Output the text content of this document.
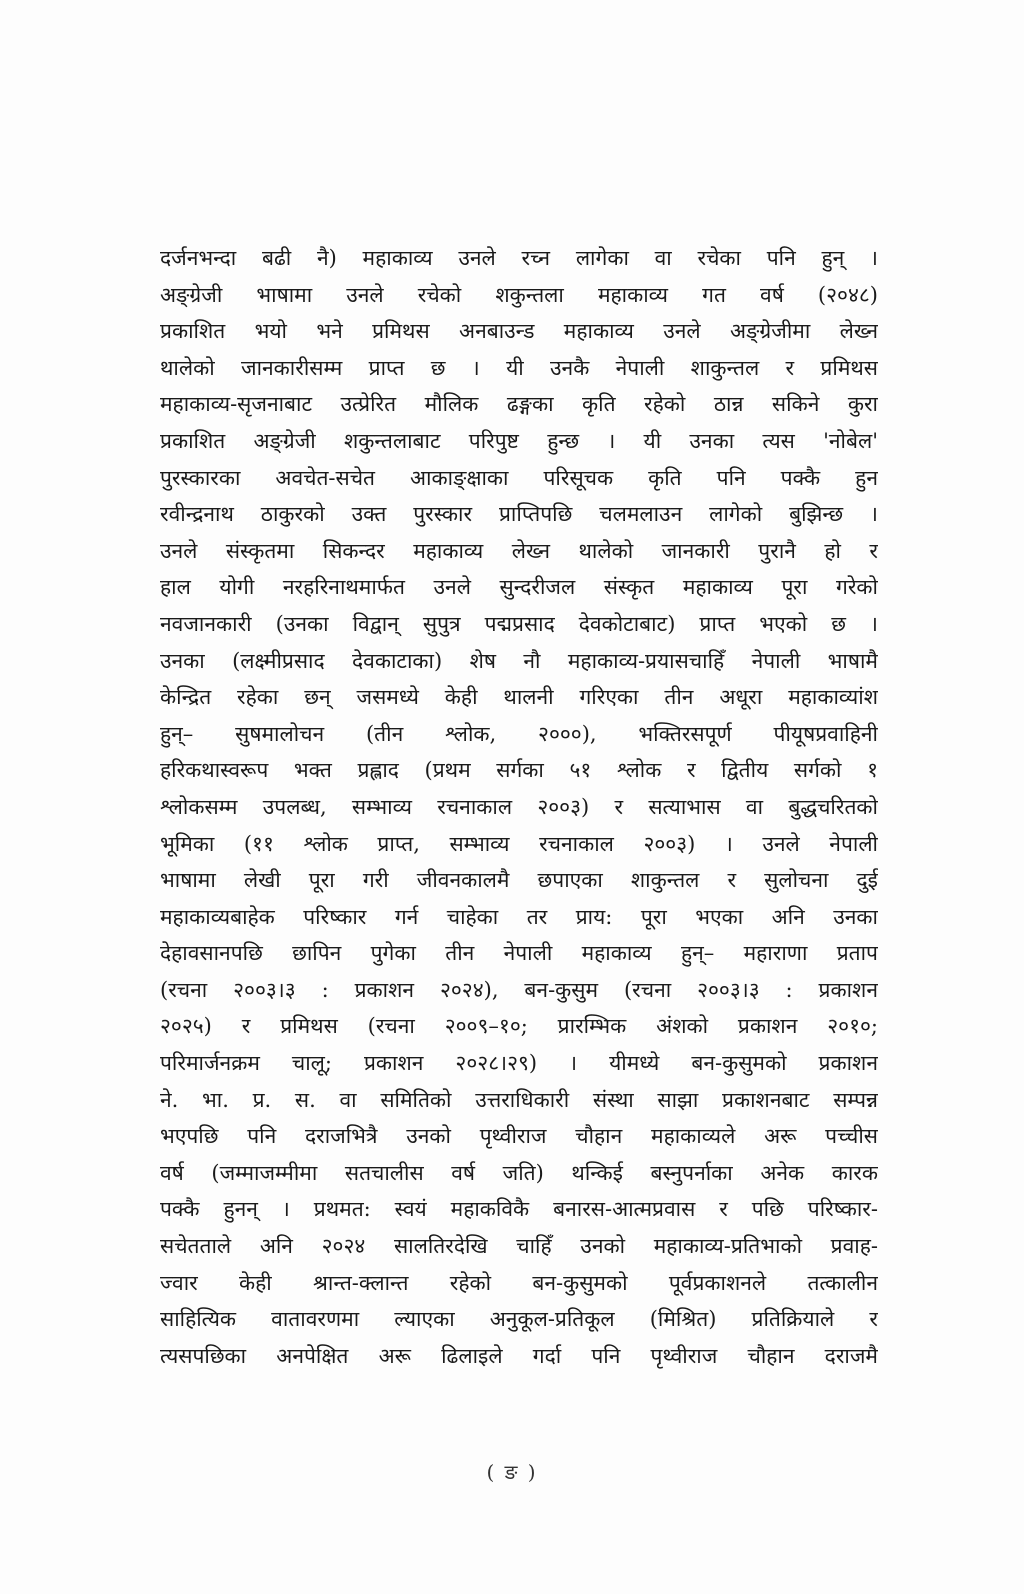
दर्जनभन्दा बढी नै) महाकाव्य उनले रच्न लागेका वा रचेका पनि हुन् ।
अङ्ग्रेजी भाषामा उनले रचेको शकुन्तला महाकाव्य गत वर्ष (२०४८)
प्रकाशित भयो भने प्रमिथस अनबाउन्ड महाकाव्य उनले अङ्ग्रेजीमा लेख्न
थालेको जानकारीसम्म प्राप्त छ । यी उनकै नेपाली शाकुन्तल र प्रमिथस
महाकाव्य-सृजनाबाट उत्प्रेरित मौलिक ढङ्गका कृति रहेको ठान्न सकिने कुरा
प्रकाशित अङ्ग्रेजी शकुन्तलाबाट परिपुष्ट हुन्छ । यी उनका त्यस 'नोबेल'
पुरस्कारका अवचेत-सचेत आकाङ्क्षाका परिसूचक कृति पनि पक्कै हुन
रवीन्द्रनाथ ठाकुरको उक्त पुरस्कार प्राप्तिपछि चलमलाउन लागेको बुझिन्छ ।
उनले संस्कृतमा सिकन्दर महाकाव्य लेख्न थालेको जानकारी पुरानै हो र
हाल योगी नरहरिनाथमार्फत उनले सुन्दरीजल संस्कृत महाकाव्य पूरा गरेको
नवजानकारी (उनका विद्वान् सुपुत्र पद्मप्रसाद देवकोटाबाट) प्राप्त भएको छ ।
उनका (लक्ष्मीप्रसाद देवकाटाका) शेष नौ महाकाव्य-प्रयासचाहिँ नेपाली भाषामै
केन्द्रित रहेका छन् जसमध्ये केही थालनी गरिएका तीन अधूरा महाकाव्यांश
हुन्– सुषमालोचन (तीन श्लोक, २०००), भक्तिरसपूर्ण पीयूषप्रवाहिनी
हरिकथास्वरूप भक्त प्रह्लाद (प्रथम सर्गका ५१ श्लोक र द्वितीय सर्गको १
श्लोकसम्म उपलब्ध, सम्भाव्य रचनाकाल २००३) र सत्याभास वा बुद्धचरितको
भूमिका (११ श्लोक प्राप्त, सम्भाव्य रचनाकाल २००३) । उनले नेपाली
भाषामा लेखी पूरा गरी जीवनकालमै छपाएका शाकुन्तल र सुलोचना दुई
महाकाव्यबाहेक परिष्कार गर्न चाहेका तर प्राय: पूरा भएका अनि उनका
देहावसानपछि छापिन पुगेका तीन नेपाली महाकाव्य हुन्– महाराणा प्रताप
(रचना २००३।३ : प्रकाशन २०२४), बन-कुसुम (रचना २००३।३ : प्रकाशन
२०२५) र प्रमिथस (रचना २००९–१०; प्रारम्भिक अंशको प्रकाशन २०१०;
परिमार्जनक्रम चालू; प्रकाशन २०२८।२९) । यीमध्ये बन-कुसुमको प्रकाशन
ने. भा. प्र. स. वा समितिको उत्तराधिकारी संस्था साझा प्रकाशनबाट सम्पन्न
भएपछि पनि दराजभित्रै उनको पृथ्वीराज चौहान महाकाव्यले अरू पच्चीस
वर्ष (जम्माजम्मीमा सतचालीस वर्ष जति) थन्किई बस्नुपर्नाका अनेक कारक
पक्कै हुनन् । प्रथमत: स्वयं महाकविकै बनारस-आत्मप्रवास र पछि परिष्कार-
सचेतताले अनि २०२४ सालतिरदेखि चाहिँ उनको महाकाव्य-प्रतिभाको प्रवाह-
ज्वार केही श्रान्त-क्लान्त रहेको बन-कुसुमको पूर्वप्रकाशनले तत्कालीन
साहित्यिक वातावरणमा ल्याएका अनुकूल-प्रतिकूल (मिश्रित) प्रतिक्रियाले र
त्यसपछिका अनपेक्षित अरू ढिलाइले गर्दा पनि पृथ्वीराज चौहान दराजमै
( ङ )
